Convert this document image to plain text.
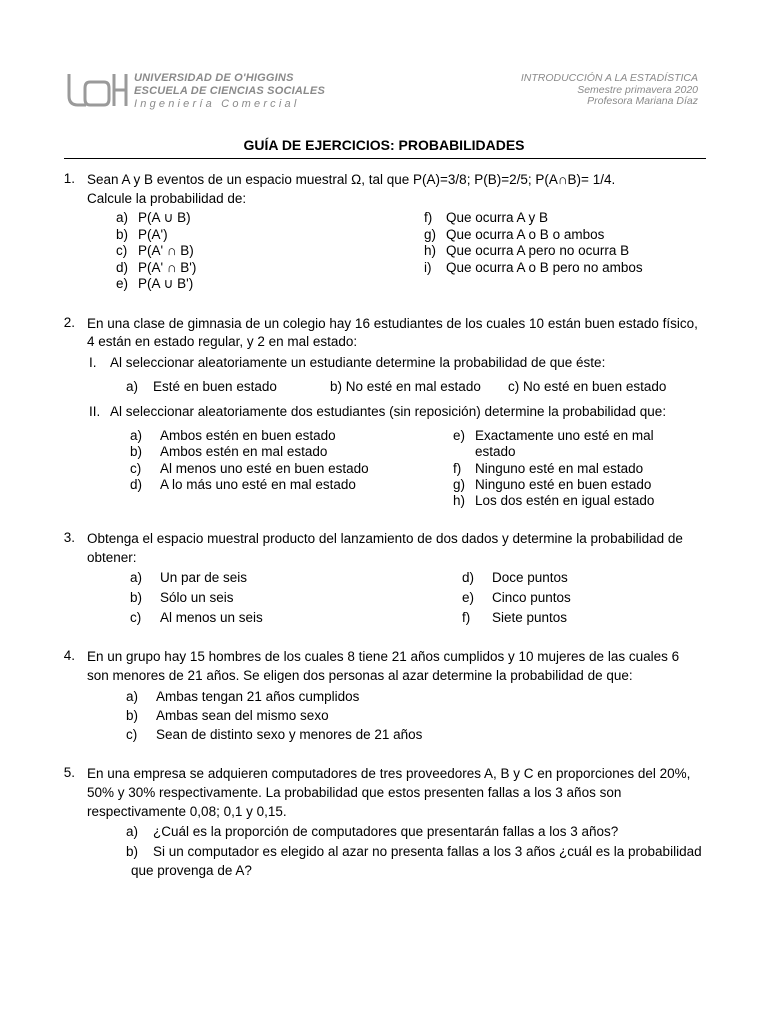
UNIVERSIDAD DE O'HIGGINS
ESCUELA DE CIENCIAS SOCIALES
Ingeniería Comercial
INTRODUCCIÓN A LA ESTADÍSTICA
Semestre primavera 2020
Profesora Mariana Díaz
GUÍA DE EJERCICIOS: PROBABILIDADES
1. Sean A y B eventos de un espacio muestral Ω, tal que P(A)=3/8; P(B)=2/5; P(A∩B)= 1/4.
Calcule la probabilidad de:
a) P(A ∪ B)
b) P(A')
c) P(A' ∩ B)
d) P(A' ∩ B')
e) P(A ∪ B')
f) Que ocurra A y B
g) Que ocurra A o B o ambos
h) Que ocurra A pero no ocurra B
i) Que ocurra A o B pero no ambos
2. En una clase de gimnasia de un colegio hay 16 estudiantes de los cuales 10 están buen estado físico,
4 están en estado regular, y 2 en mal estado:
I. Al seleccionar aleatoriamente un estudiante determine la probabilidad de que éste:
a) Esté en buen estado	b) No esté en mal estado c) No esté en buen estado
II. Al seleccionar aleatoriamente dos estudiantes (sin reposición) determine la probabilidad que:
a) Ambos estén en buen estado
b) Ambos estén en mal estado
c) Al menos uno esté en buen estado
d) A lo más uno esté en mal estado
e) Exactamente uno esté en mal
estado
f) Ninguno esté en mal estado
g) Ninguno esté en buen estado
h) Los dos estén en igual estado
3. Obtenga el espacio muestral producto del lanzamiento de dos dados y determine la probabilidad de
obtener:
a) Un par de seis
b) Sólo un seis
c) Al menos un seis
d) Doce puntos
e) Cinco puntos
f) Siete puntos
4. En un grupo hay 15 hombres de los cuales 8 tiene 21 años cumplidos y 10 mujeres de las cuales 6
son menores de 21 años. Se eligen dos personas al azar determine la probabilidad de que:
a) Ambas tengan 21 años cumplidos
b) Ambas sean del mismo sexo
c) Sean de distinto sexo y menores de 21 años
5. En una empresa se adquieren computadores de tres proveedores A, B y C en proporciones del 20%,
50% y 30% respectivamente. La probabilidad que estos presenten fallas a los 3 años son
respectivamente 0,08; 0,1 y 0,15.
a) ¿Cuál es la proporción de computadores que presentarán fallas a los 3 años?
b) Si un computador es elegido al azar no presenta fallas a los 3 años ¿cuál es la probabilidad
que provenga de A?
